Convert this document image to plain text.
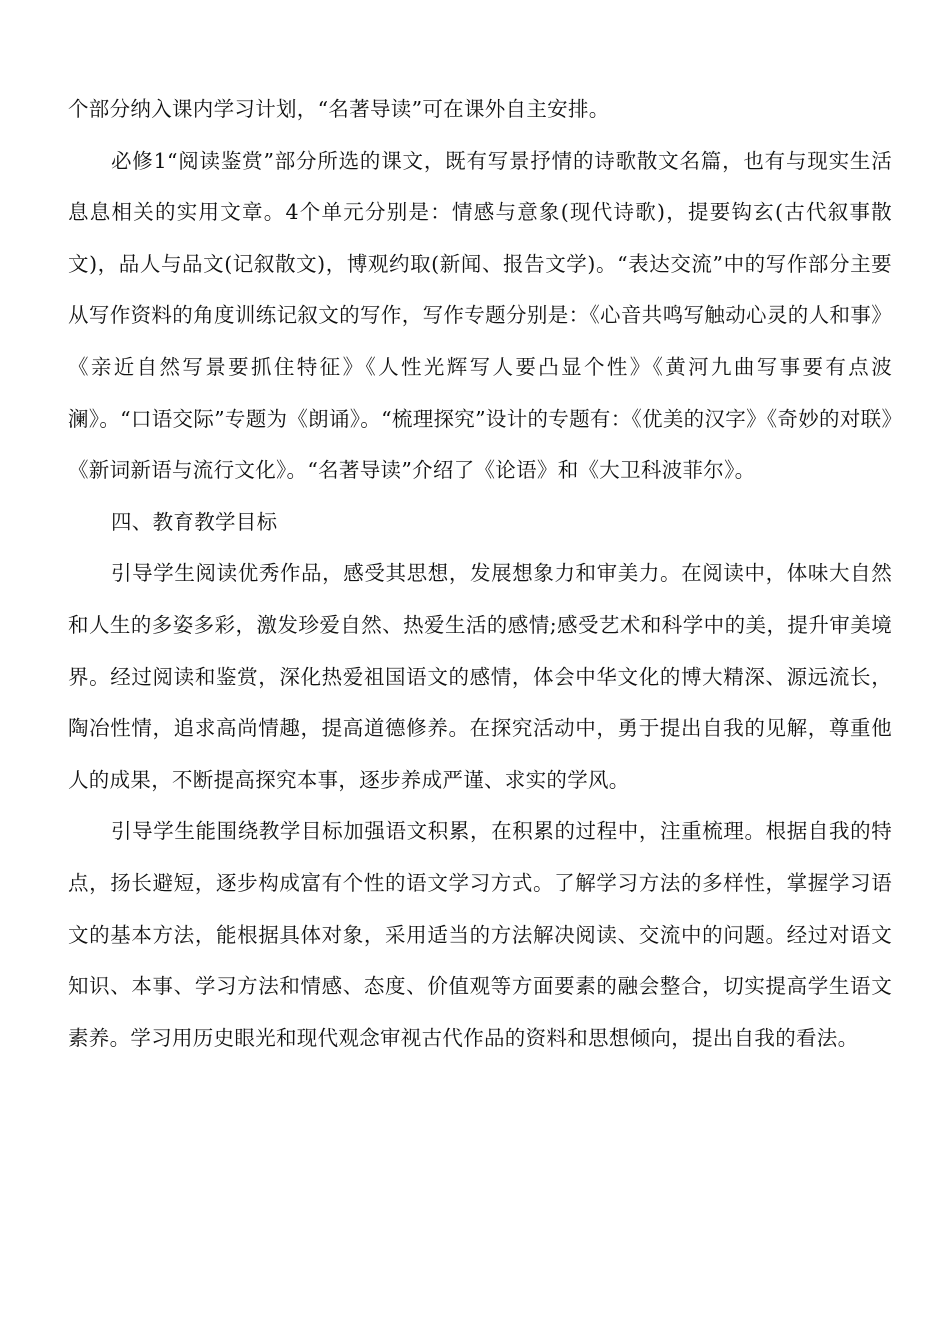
个部分纳入课内学习计划，“名著导读”可在课外自主安排。

必修1“阅读鉴赏”部分所选的课文，既有写景抒情的诗歌散文名篇，也有与现实生活息息相关的实用文章。4个单元分别是：情感与意象(现代诗歌)，提要钩玄(古代叙事散文)，品人与品文(记叙散文)，博观约取(新闻、报告文学)。“表达交流”中的写作部分主要从写作资料的角度训练记叙文的写作，写作专题分别是：《心音共鸣写触动心灵的人和事》《亲近自然写景要抓住特征》《人性光辉写人要凸显个性》《黄河九曲写事要有点波澜》。“口语交际”专题为《朗诵》。“梳理探究”设计的专题有：《优美的汉字》《奇妙的对联》《新词新语与流行文化》。“名著导读”介绍了《论语》和《大卫科波菲尔》。

四、教育教学目标

引导学生阅读优秀作品，感受其思想，发展想象力和审美力。在阅读中，体味大自然和人生的多姿多彩，激发珍爱自然、热爱生活的感情;感受艺术和科学中的美，提升审美境界。经过阅读和鉴赏，深化热爱祖国语文的感情，体会中华文化的博大精深、源远流长，陶冶性情，追求高尚情趣，提高道德修养。在探究活动中，勇于提出自我的见解，尊重他人的成果，不断提高探究本事，逐步养成严谨、求实的学风。

引导学生能围绕教学目标加强语文积累，在积累的过程中，注重梳理。根据自我的特点，扬长避短，逐步构成富有个性的语文学习方式。了解学习方法的多样性，掌握学习语文的基本方法，能根据具体对象，采用适当的方法解决阅读、交流中的问题。经过对语文知识、本事、学习方法和情感、态度、价值观等方面要素的融会整合，切实提高学生语文素养。学习用历史眼光和现代观念审视古代作品的资料和思想倾向，提出自我的看法。
